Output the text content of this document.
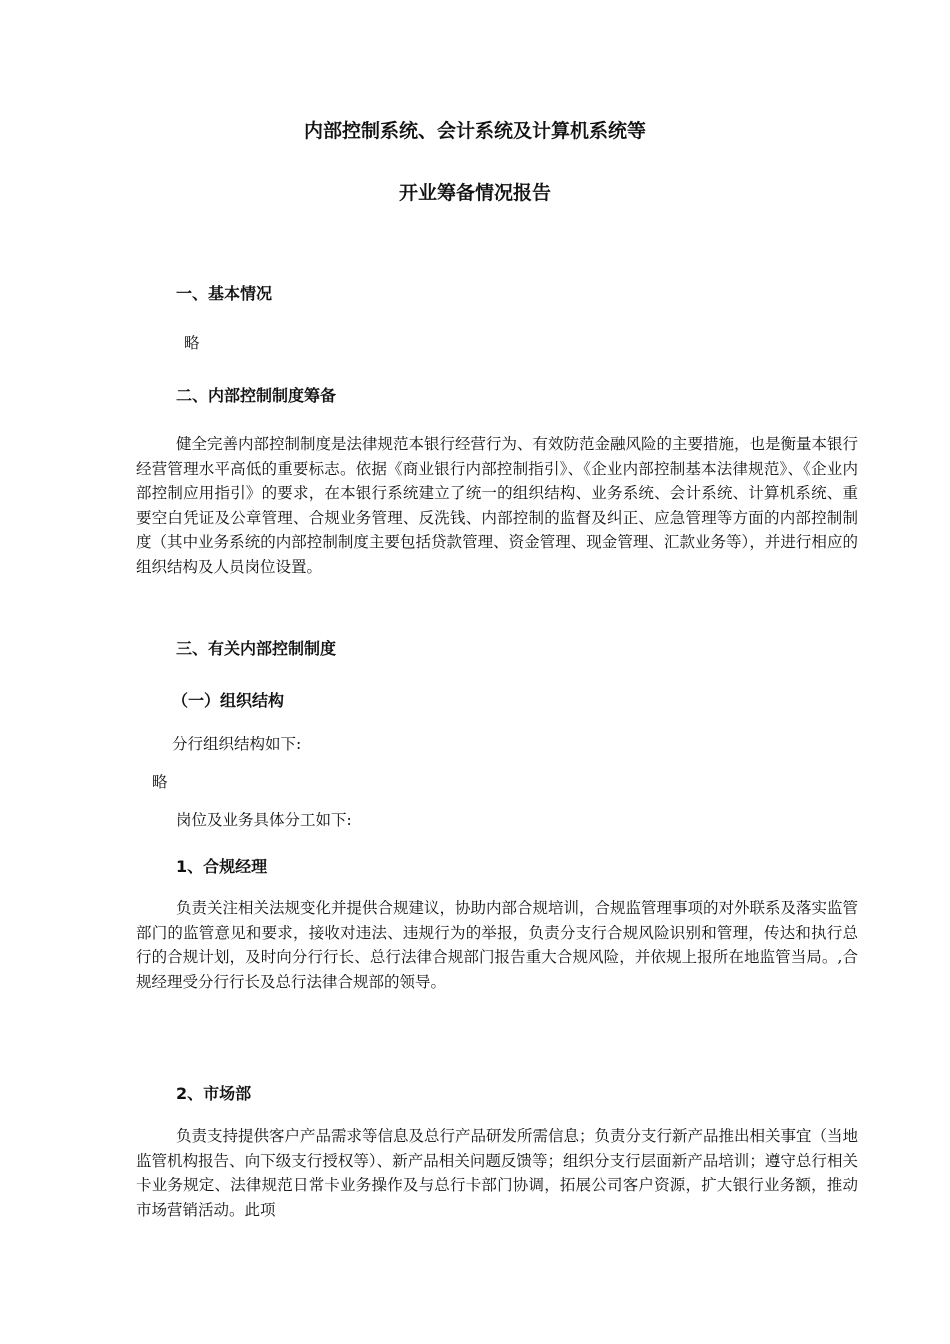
内部控制系统、会计系统及计算机系统等
开业筹备情况报告
一、基本情况
略
二、内部控制制度筹备

健全完善内部控制制度是法律规范本银行经营行为、有效防范金融风险的主要措施，也是衡量本银行经营管理水平高低的重要标志。依据《商业银行内部控制指引》、《企业内部控制基本法律规范》、《企业内部控制应用指引》的要求，在本银行系统建立了统一的组织结构、业务系统、会计系统、计算机系统、重要空白凭证及公章管理、合规业务管理、反洗钱、内部控制的监督及纠正、应急管理等方面的内部控制制度（其中业务系统的内部控制制度主要包括贷款管理、资金管理、现金管理、汇款业务等），并进行相应的组织结构及人员岗位设置。

三、有关内部控制制度
（一）组织结构
分行组织结构如下:
略
岗位及业务具体分工如下:
1、合规经理

负责关注相关法规变化并提供合规建议，协助内部合规培训，合规监管理事项的对外联系及落实监管部门的监管意见和要求，接收对违法、违规行为的举报，负责分支行合规风险识别和管理，传达和执行总行的合规计划，及时向分行行长、总行法律合规部门报告重大合规风险，并依规上报所在地监管当局。,合规经理受分行行长及总行法律合规部的领导。

2、市场部

负责支持提供客户产品需求等信息及总行产品研发所需信息；负责分支行新产品推出相关事宜（当地监管机构报告、向下级支行授权等）、新产品相关问题反馈等；组织分支行层面新产品培训；遵守总行相关卡业务规定、法律规范日常卡业务操作及与总行卡部门协调，拓展公司客户资源，扩大银行业务额，推动市场营销活动。此项
